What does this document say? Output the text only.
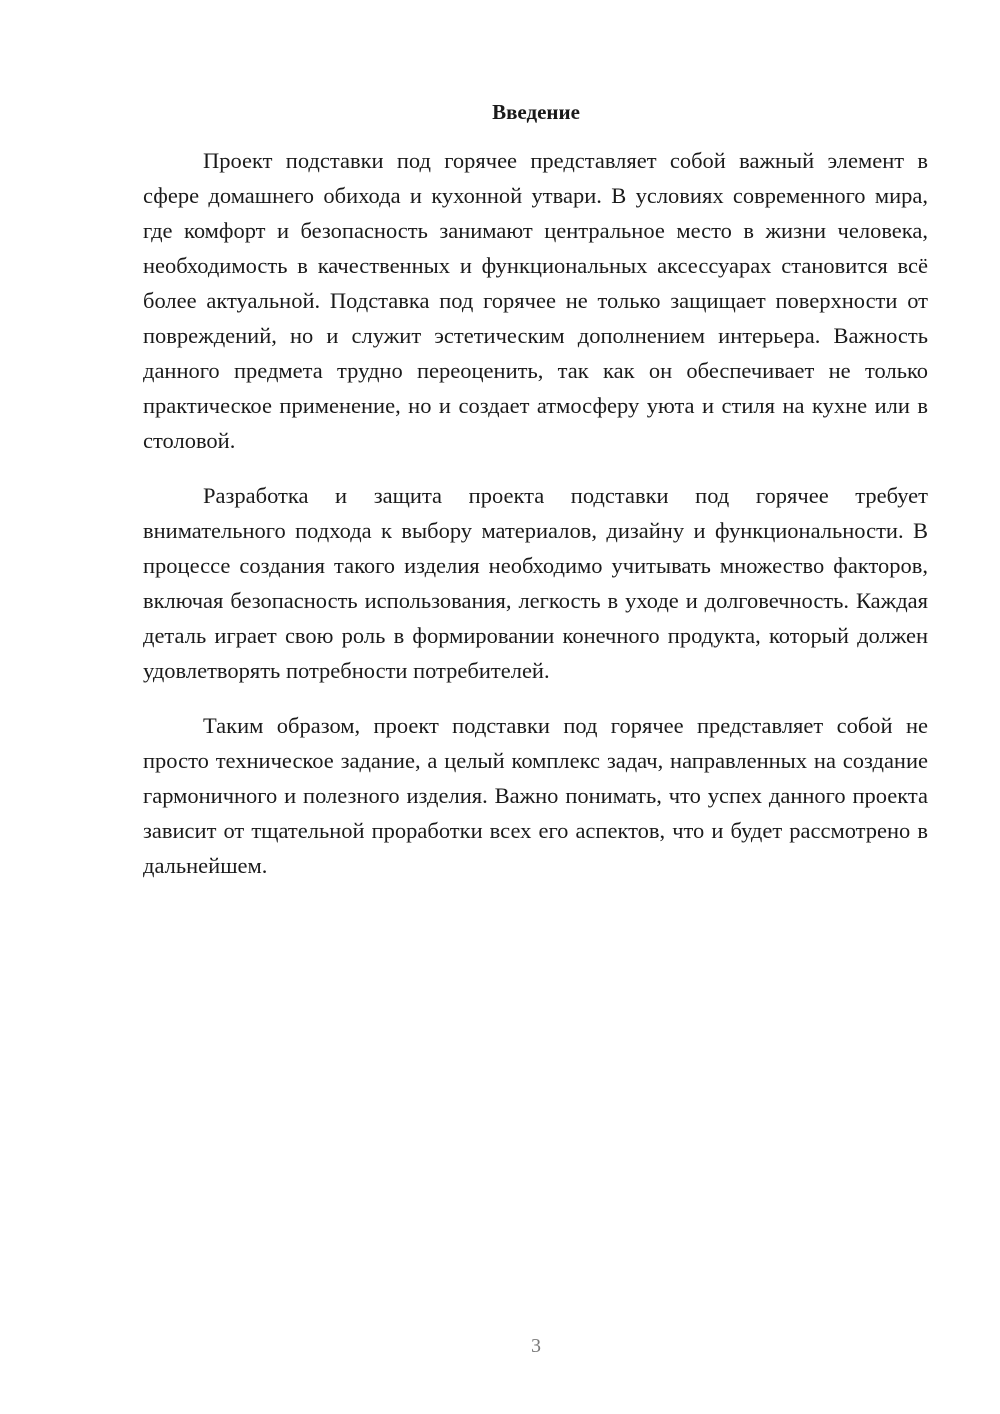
Введение

Проект подставки под горячее представляет собой важный элемент в сфере домашнего обихода и кухонной утвари. В условиях современного мира, где комфорт и безопасность занимают центральное место в жизни человека, необходимость в качественных и функциональных аксессуарах становится всё более актуальной. Подставка под горячее не только защищает поверхности от повреждений, но и служит эстетическим дополнением интерьера. Важность данного предмета трудно переоценить, так как он обеспечивает не только практическое применение, но и создает атмосферу уюта и стиля на кухне или в столовой.

Разработка и защита проекта подставки под горячее требует внимательного подхода к выбору материалов, дизайну и функциональности. В процессе создания такого изделия необходимо учитывать множество факторов, включая безопасность использования, легкость в уходе и долговечность. Каждая деталь играет свою роль в формировании конечного продукта, который должен удовлетворять потребности потребителей.

Таким образом, проект подставки под горячее представляет собой не просто техническое задание, а целый комплекс задач, направленных на создание гармоничного и полезного изделия. Важно понимать, что успех данного проекта зависит от тщательной проработки всех его аспектов, что и будет рассмотрено в дальнейшем.

3
